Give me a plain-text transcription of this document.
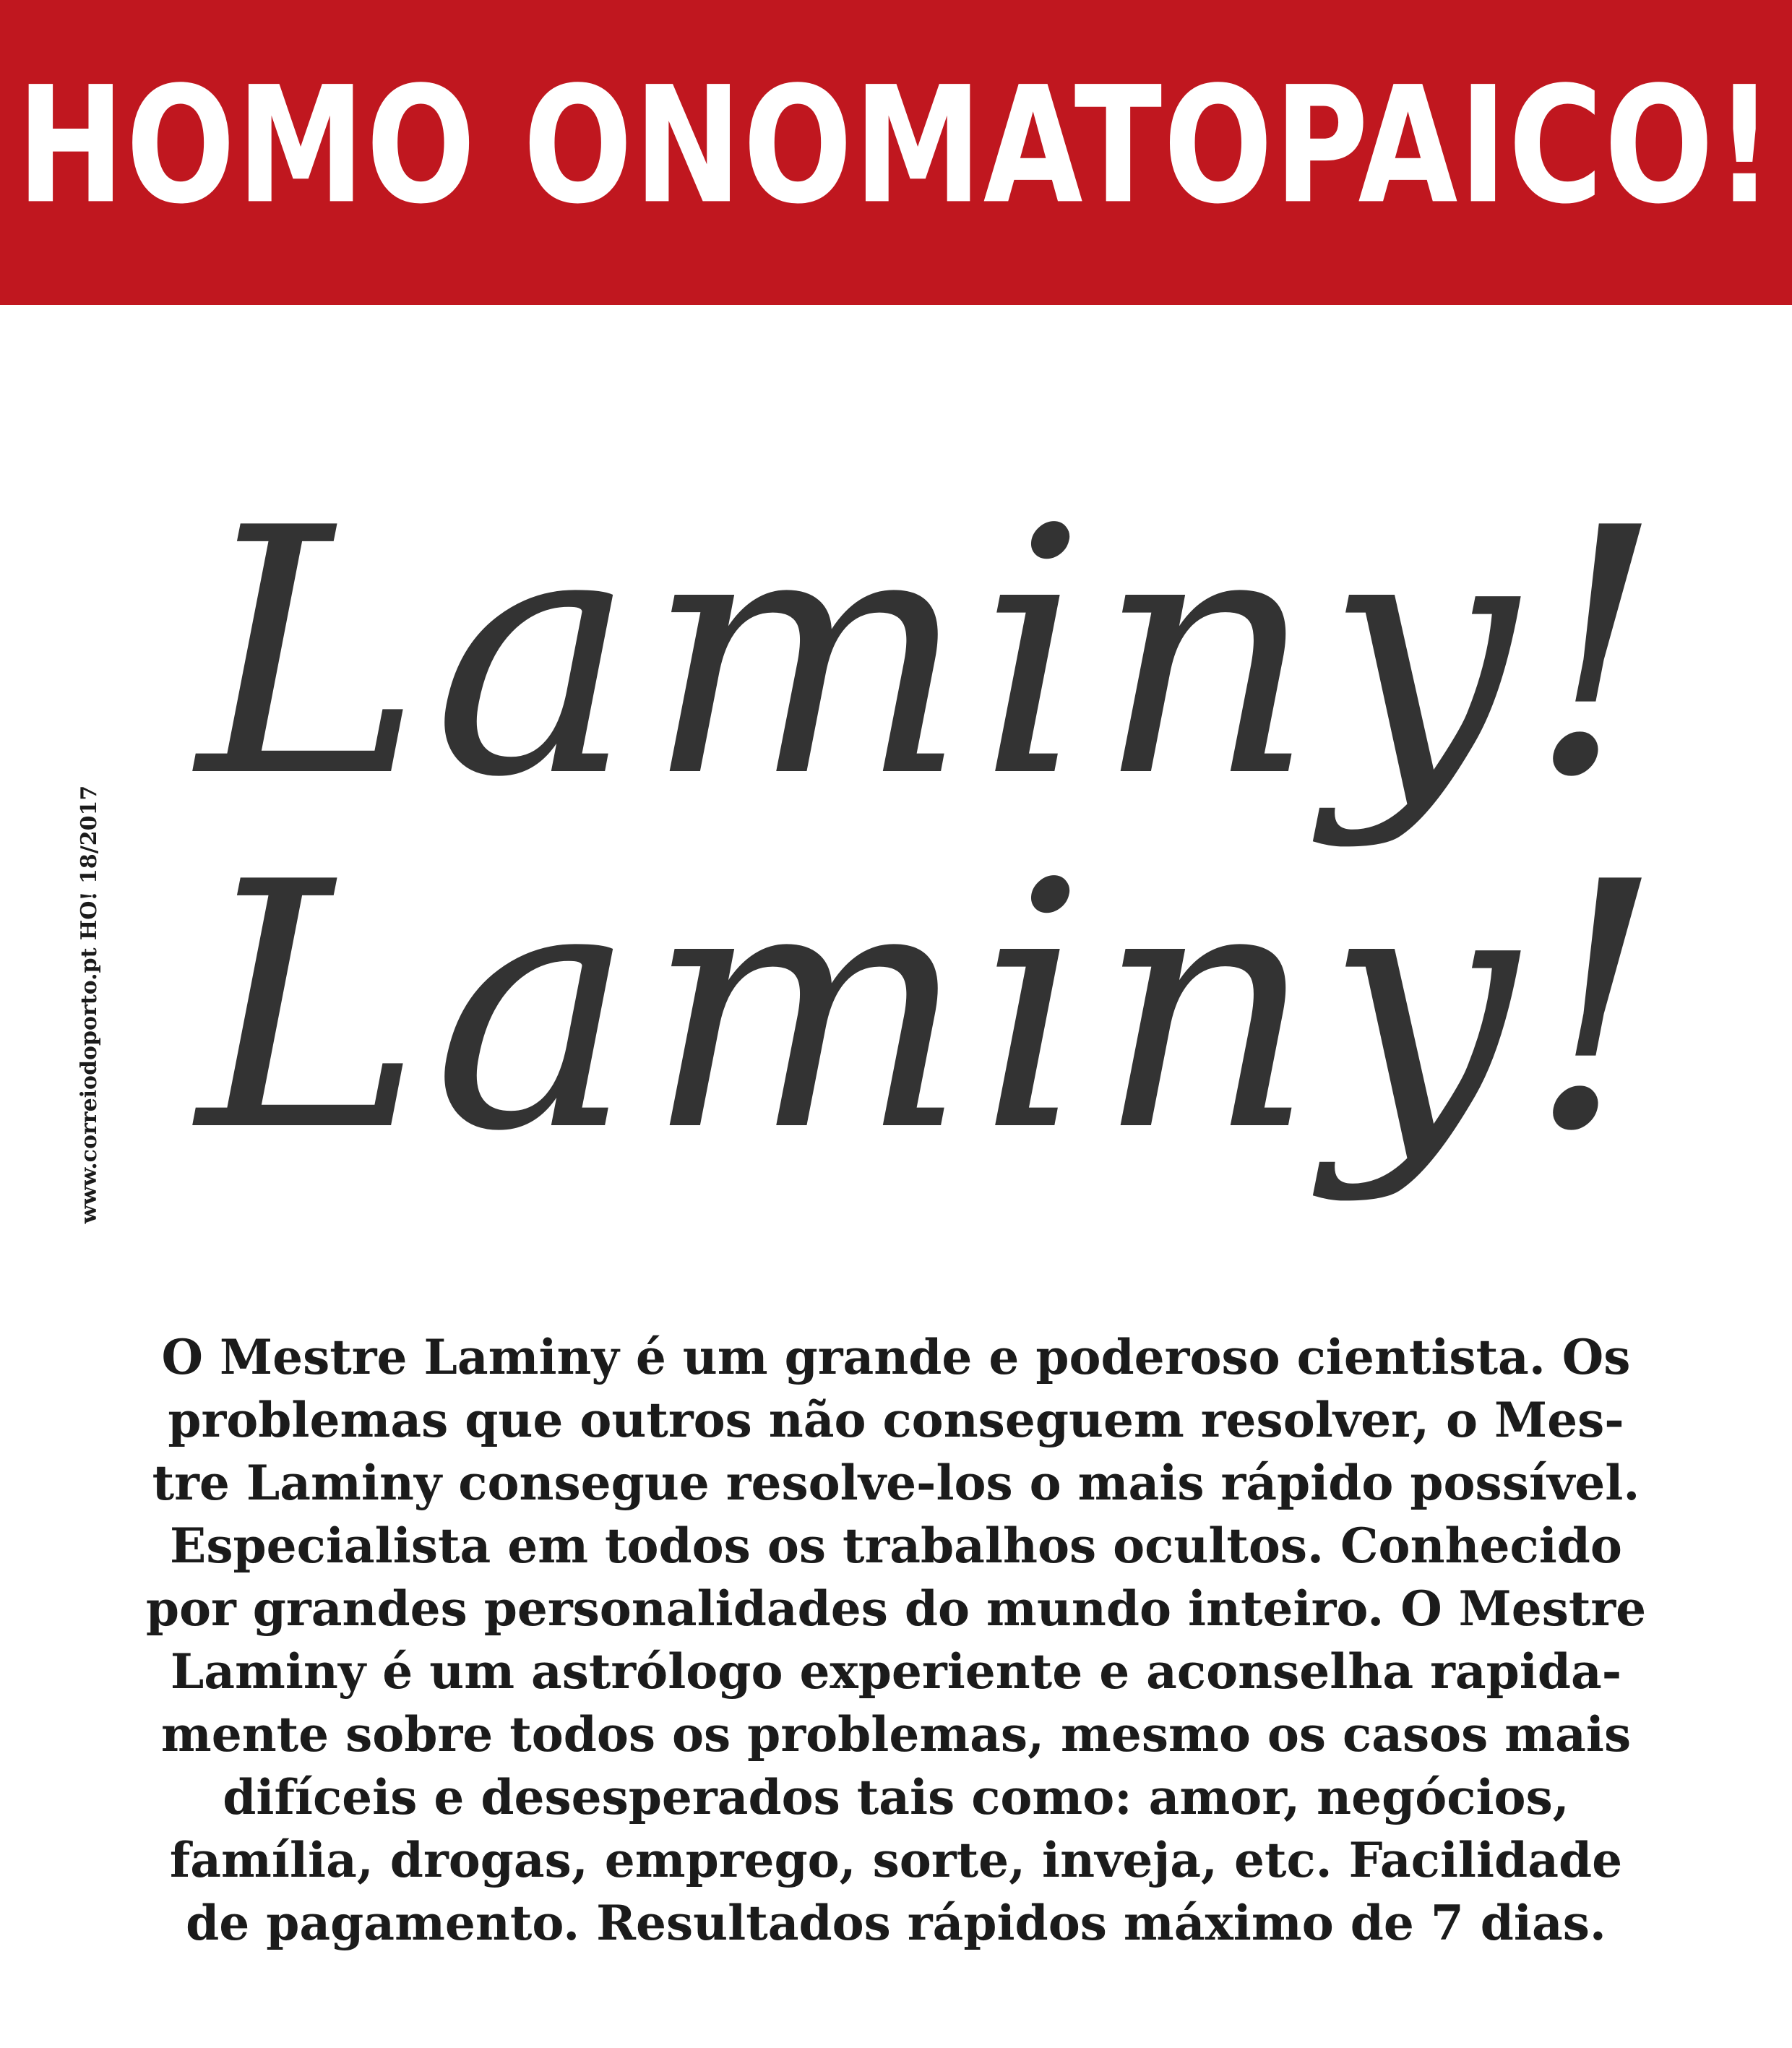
HOMO ONOMATOPAICO!
www.correiodoporto.pt HO! 18/2017
Laminy!
Laminy!
O Mestre Laminy é um grande e poderoso cientista. Os
problemas que outros não conseguem resolver, o Mes-
tre Laminy consegue resolve-los o mais rápido possível.
Especialista em todos os trabalhos ocultos. Conhecido
por grandes personalidades do mundo inteiro. O Mestre
Laminy é um astrólogo experiente e aconselha rapida-
mente sobre todos os problemas, mesmo os casos mais
difíceis e desesperados tais como: amor, negócios,
família, drogas, emprego, sorte, inveja, etc. Facilidade
de pagamento. Resultados rápidos máximo de 7 dias.
